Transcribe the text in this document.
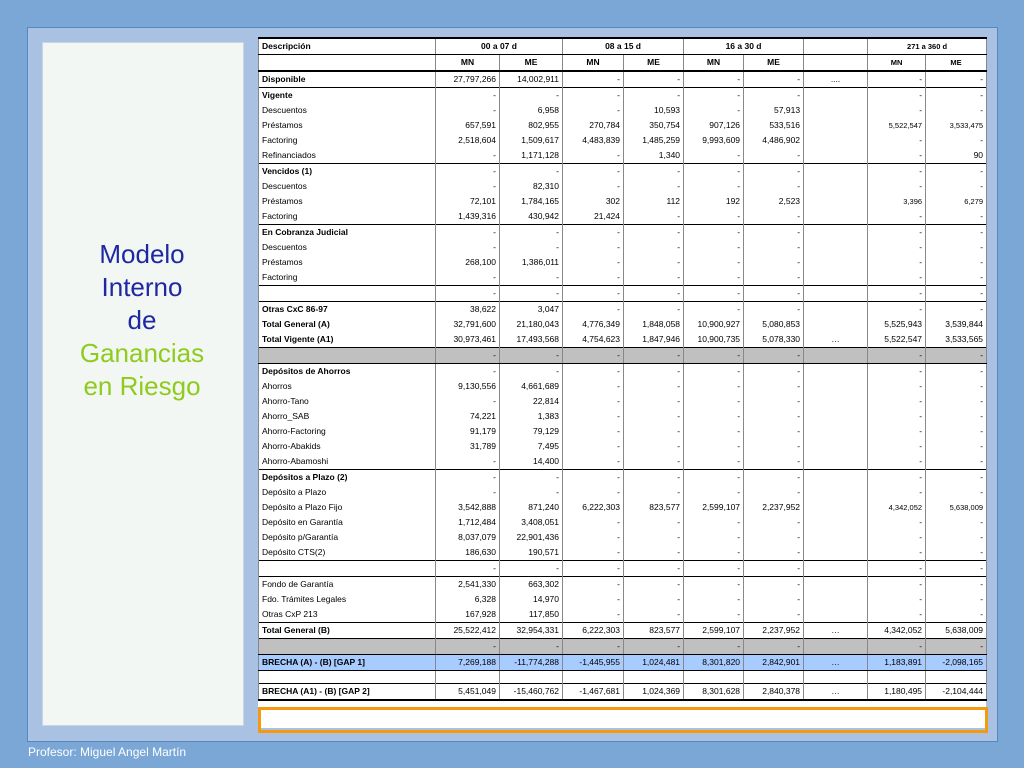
Modelo
Interno
de
Ganancias
en Riesgo
Descripción	00 a 07 d		08 a 15 d		16 a 30 d			271 a 360 d	
	MN	ME	MN	ME	MN	ME		MN	ME
Disponible	27,797,266	14,002,911	-	-	-	-	....	-	-
Vigente	-	-	-	-	-	-		-	-
Descuentos	-	6,958	-	10,593	-	57,913		-	-
Préstamos	657,591	802,955	270,784	350,754	907,126	533,516		5,522,547	3,533,475
Factoring	2,518,604	1,509,617	4,483,839	1,485,259	9,993,609	4,486,902		-	-
Refinanciados	-	1,171,128	-	1,340	-	-		-	90
Vencidos (1)	-	-	-	-	-	-		-	-
Descuentos	-	82,310	-	-	-	-		-	-
Préstamos	72,101	1,784,165	302	112	192	2,523		3,396	6,279
Factoring	1,439,316	430,942	21,424	-	-	-		-	-
En Cobranza Judicial	-	-	-	-	-	-		-	-
Descuentos	-	-	-	-	-	-		-	-
Préstamos	268,100	1,386,011	-	-	-	-		-	-
Factoring	-	-	-	-	-	-		-	-
	-	-	-	-	-	-		-	-
Otras CxC 86-97	38,622	3,047	-	-	-	-		-	-
Total General (A)	32,791,600	21,180,043	4,776,349	1,848,058	10,900,927	5,080,853		5,525,943	3,539,844
Total Vigente (A1)	30,973,461	17,493,568	4,754,623	1,847,946	10,900,735	5,078,330	…	5,522,547	3,533,565
	-	-	-	-	-	-		-	-
Depósitos de Ahorros	-	-	-	-	-	-		-	-
Ahorros	9,130,556	4,661,689	-	-	-	-		-	-
Ahorro-Tano	-	22,814	-	-	-	-		-	-
Ahorro_SAB	74,221	1,383	-	-	-	-		-	-
Ahorro-Factoring	91,179	79,129	-	-	-	-		-	-
Ahorro-Abakids	31,789	7,495	-	-	-	-		-	-
Ahorro-Abamoshi	-	14,400	-	-	-	-		-	-
Depósitos a Plazo (2)	-	-	-	-	-	-		-	-
Depósito a Plazo	-	-	-	-	-	-		-	-
Depósito a Plazo Fijo	3,542,888	871,240	6,222,303	823,577	2,599,107	2,237,952		4,342,052	5,638,009
Depósito en Garantía	1,712,484	3,408,051	-	-	-	-		-	-
Depósito p/Garantía	8,037,079	22,901,436	-	-	-	-		-	-
Depósito CTS(2)	186,630	190,571	-	-	-	-		-	-
	-	-	-	-	-	-		-	-
Fondo de Garantía	2,541,330	663,302	-	-	-	-		-	-
Fdo. Trámites Legales	6,328	14,970	-	-	-	-		-	-
Otras CxP 213	167,928	117,850	-	-	-	-		-	-
Total General (B)	25,522,412	32,954,331	6,222,303	823,577	2,599,107	2,237,952	…	4,342,052	5,638,009
	-	-	-	-	-	-		-	-
BRECHA (A) - (B) [GAP 1]	7,269,188	-11,774,288	-1,445,955	1,024,481	8,301,820	2,842,901	…	1,183,891	-2,098,165

BRECHA (A1) - (B) [GAP 2]	5,451,049	-15,460,762	-1,467,681	1,024,369	8,301,628	2,840,378	…	1,180,495	-2,104,444
Profesor: Miguel Angel Martín
